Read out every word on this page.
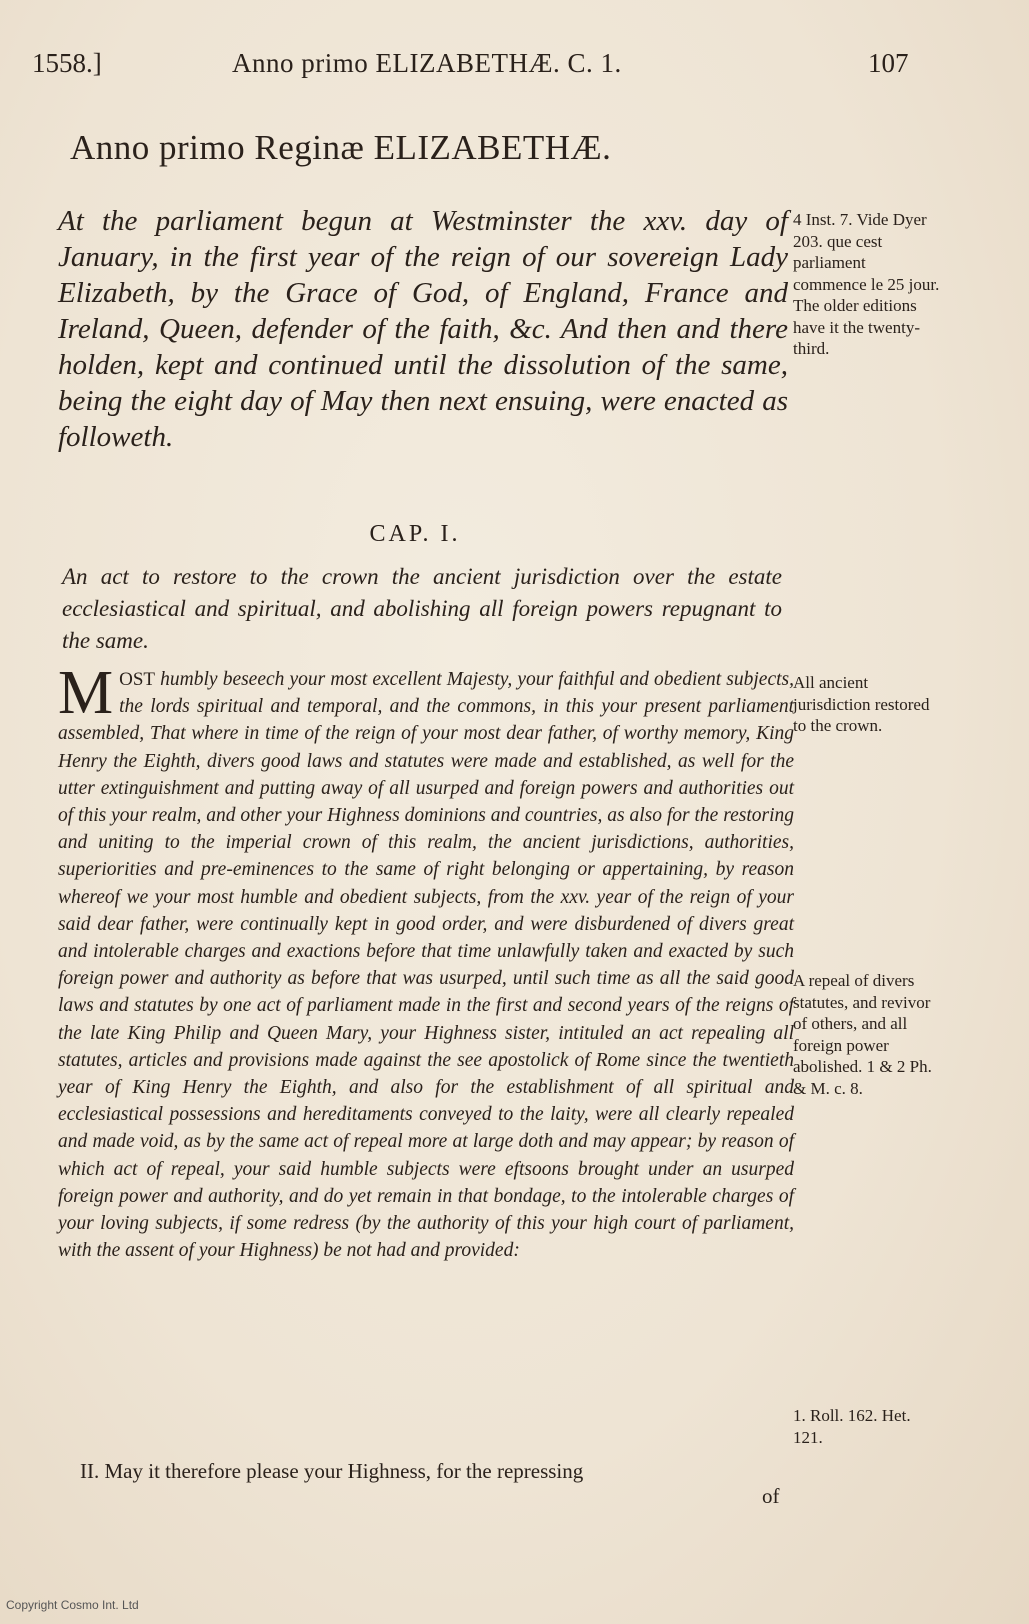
1558.]	Anno primo ELIZABETHÆ. C. 1.	107
Anno primo Reginæ ELIZABETHÆ.

At the parliament begun at Westminster the xxv. day of January, in the first year of the reign of our sovereign Lady Elizabeth, by the Grace of God, of England, France and Ireland, Queen, defender of the faith, &c. And then and there holden, kept and continued until the dissolution of the same, being the eight day of May then next ensuing, were enacted as followeth.

CAP. I.

An act to restore to the crown the ancient jurisdiction over the estate ecclesiastical and spiritual, and abolishing all foreign powers repugnant to the same.

MOST humbly beseech your most excellent Majesty, your faithful and obedient subjects, the lords spiritual and temporal, and the commons, in this your present parliament assembled, That where in time of the reign of your most dear father, of worthy memory, King Henry the Eighth, divers good laws and statutes were made and established, as well for the utter extinguishment and putting away of all usurped and foreign powers and authorities out of this your realm, and other your Highness dominions and countries, as also for the restoring and uniting to the imperial crown of this realm, the ancient jurisdictions, authorities, superiorities and pre-eminences to the same of right belonging or appertaining, by reason whereof we your most humble and obedient subjects, from the xxv. year of the reign of your said dear father, were continually kept in good order, and were disburdened of divers great and intolerable charges and exactions before that time unlawfully taken and exacted by such foreign power and authority as before that was usurped, until such time as all the said good laws and statutes by one act of parliament made in the first and second years of the reigns of the late King Philip and Queen Mary, your Highness sister, intituled an act repealing all statutes, articles and provisions made against the see apostolick of Rome since the twentieth year of King Henry the Eighth, and also for the establishment of all spiritual and ecclesiastical possessions and hereditaments conveyed to the laity, were all clearly repealed and made void, as by the same act of repeal more at large doth and may appear; by reason of which act of repeal, your said humble subjects were eftsoons brought under an usurped foreign power and authority, and do yet remain in that bondage, to the intolerable charges of your loving subjects, if some redress (by the authority of this your high court of parliament, with the assent of your Highness) be not had and provided:

II. May it therefore please your Highness, for the repressing

of

4 Inst. 7. Vide Dyer 203. que cest parliament commence le 25 jour. The older editions have it the twenty-third.

All ancient jurisdiction restored to the crown.

A repeal of divers statutes, and revivor of others, and all foreign power abolished. 1 & 2 Ph. & M. c. 8.

1. Roll. 162. Het. 121.

Copyright Cosmo Int. Ltd
